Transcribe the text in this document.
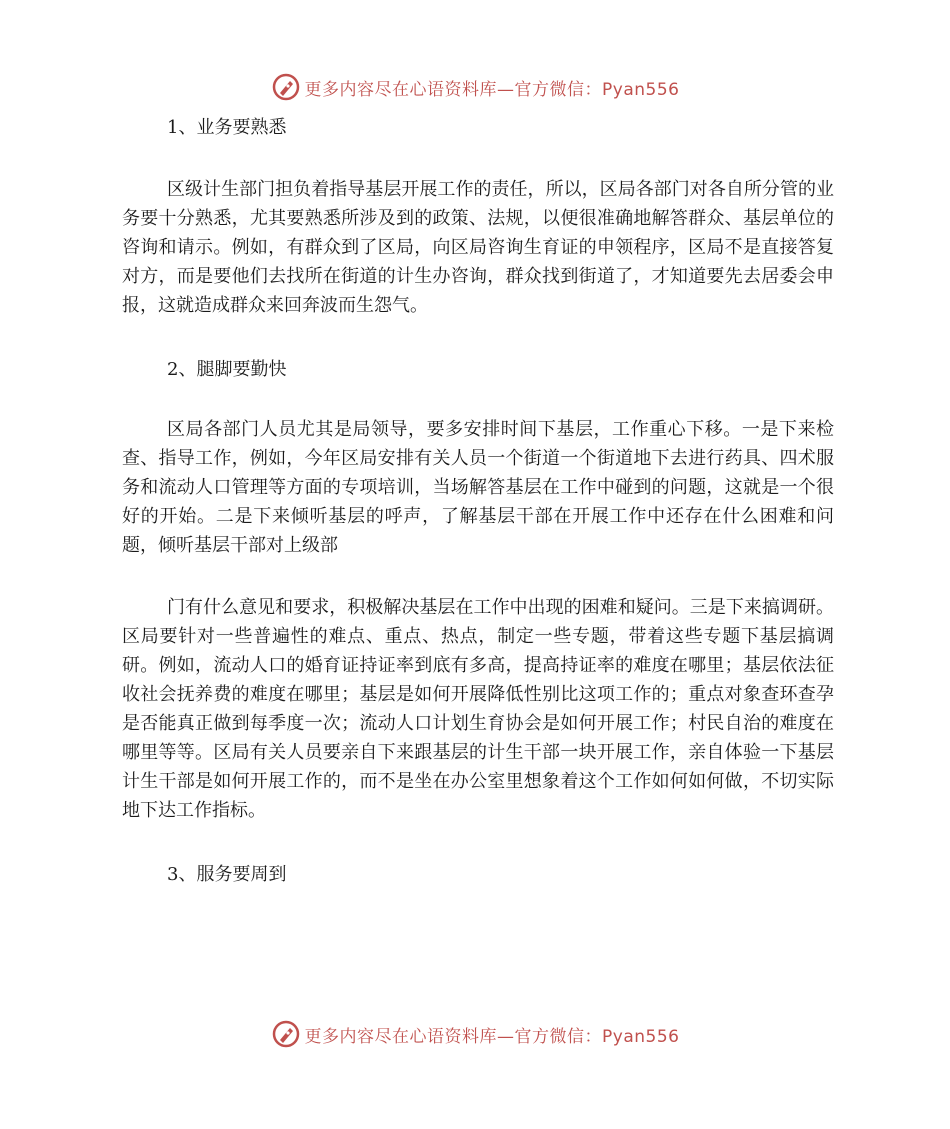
更多内容尽在心语资料库—官方微信：Pyan556
1、业务要熟悉
区级计生部门担负着指导基层开展工作的责任，所以，区局各部门对各自所分管的业务要十分熟悉，尤其要熟悉所涉及到的政策、法规，以便很准确地解答群众、基层单位的咨询和请示。例如，有群众到了区局，向区局咨询生育证的申领程序，区局不是直接答复对方，而是要他们去找所在街道的计生办咨询，群众找到街道了，才知道要先去居委会申报，这就造成群众来回奔波而生怨气。
2、腿脚要勤快
区局各部门人员尤其是局领导，要多安排时间下基层，工作重心下移。一是下来检查、指导工作，例如，今年区局安排有关人员一个街道一个街道地下去进行药具、四术服务和流动人口管理等方面的专项培训，当场解答基层在工作中碰到的问题，这就是一个很好的开始。二是下来倾听基层的呼声，了解基层干部在开展工作中还存在什么困难和问题，倾听基层干部对上级部
门有什么意见和要求，积极解决基层在工作中出现的困难和疑问。三是下来搞调研。区局要针对一些普遍性的难点、重点、热点，制定一些专题，带着这些专题下基层搞调研。例如，流动人口的婚育证持证率到底有多高，提高持证率的难度在哪里；基层依法征收社会抚养费的难度在哪里；基层是如何开展降低性别比这项工作的；重点对象查环查孕是否能真正做到每季度一次；流动人口计划生育协会是如何开展工作；村民自治的难度在哪里等等。区局有关人员要亲自下来跟基层的计生干部一块开展工作，亲自体验一下基层计生干部是如何开展工作的，而不是坐在办公室里想象着这个工作如何如何做，不切实际地下达工作指标。
3、服务要周到
更多内容尽在心语资料库—官方微信：Pyan556
